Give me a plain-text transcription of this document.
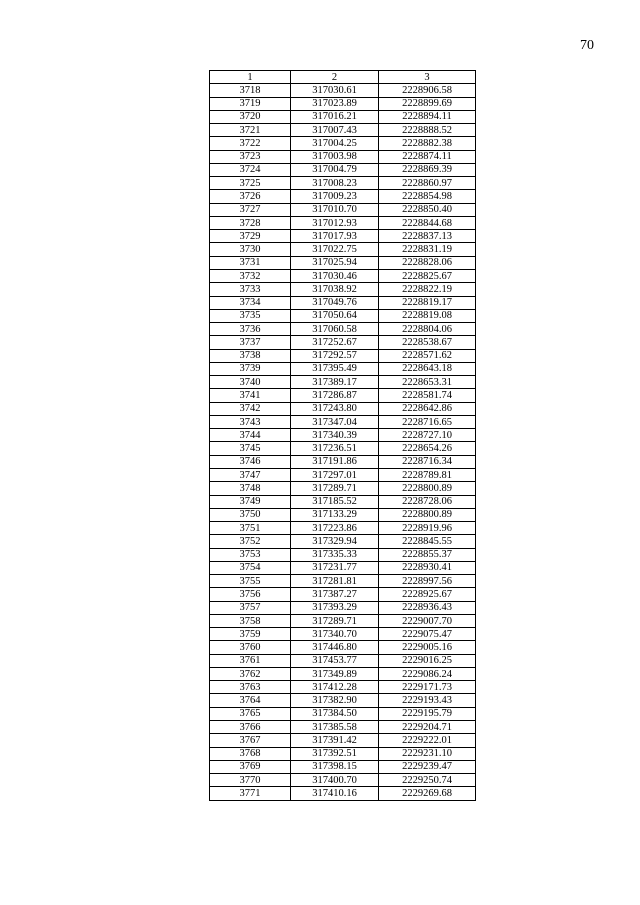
70
1	2	3
3718	317030.61	2228906.58
3719	317023.89	2228899.69
3720	317016.21	2228894.11
3721	317007.43	2228888.52
3722	317004.25	2228882.38
3723	317003.98	2228874.11
3724	317004.79	2228869.39
3725	317008.23	2228860.97
3726	317009.23	2228854.98
3727	317010.70	2228850.40
3728	317012.93	2228844.68
3729	317017.93	2228837.13
3730	317022.75	2228831.19
3731	317025.94	2228828.06
3732	317030.46	2228825.67
3733	317038.92	2228822.19
3734	317049.76	2228819.17
3735	317050.64	2228819.08
3736	317060.58	2228804.06
3737	317252.67	2228538.67
3738	317292.57	2228571.62
3739	317395.49	2228643.18
3740	317389.17	2228653.31
3741	317286.87	2228581.74
3742	317243.80	2228642.86
3743	317347.04	2228716.65
3744	317340.39	2228727.10
3745	317236.51	2228654.26
3746	317191.86	2228716.34
3747	317297.01	2228789.81
3748	317289.71	2228800.89
3749	317185.52	2228728.06
3750	317133.29	2228800.89
3751	317223.86	2228919.96
3752	317329.94	2228845.55
3753	317335.33	2228855.37
3754	317231.77	2228930.41
3755	317281.81	2228997.56
3756	317387.27	2228925.67
3757	317393.29	2228936.43
3758	317289.71	2229007.70
3759	317340.70	2229075.47
3760	317446.80	2229005.16
3761	317453.77	2229016.25
3762	317349.89	2229086.24
3763	317412.28	2229171.73
3764	317382.90	2229193.43
3765	317384.50	2229195.79
3766	317385.58	2229204.71
3767	317391.42	2229222.01
3768	317392.51	2229231.10
3769	317398.15	2229239.47
3770	317400.70	2229250.74
3771	317410.16	2229269.68
